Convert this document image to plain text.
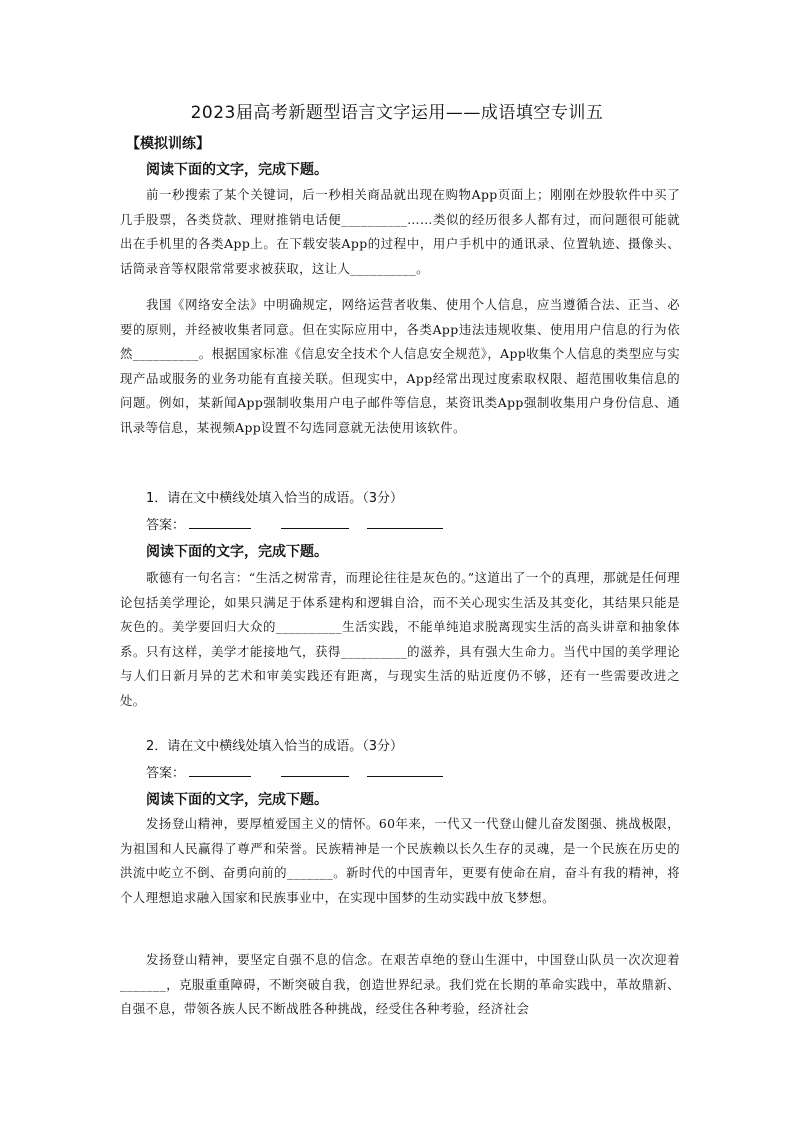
2023届高考新题型语言文字运用——成语填空专训五
【模拟训练】
阅读下面的文字，完成下题。
前一秒搜索了某个关键词，后一秒相关商品就出现在购物App页面上；刚刚在炒股软件中买了几手股票，各类贷款、理财推销电话便__________……类似的经历很多人都有过，而问题很可能就出在手机里的各类App上。在下载安装App的过程中，用户手机中的通讯录、位置轨迹、摄像头、话筒录音等权限常常要求被获取，这让人__________。
我国《网络安全法》中明确规定，网络运营者收集、使用个人信息，应当遵循合法、正当、必要的原则，并经被收集者同意。但在实际应用中，各类App违法违规收集、使用用户信息的行为依然__________。根据国家标准《信息安全技术个人信息安全规范》，App收集个人信息的类型应与实现产品或服务的业务功能有直接关联。但现实中，App经常出现过度索取权限、超范围收集信息的问题。例如，某新闻App强制收集用户电子邮件等信息，某资讯类App强制收集用户身份信息、通讯录等信息，某视频App设置不勾选同意就无法使用该软件。
1．请在文中横线处填入恰当的成语。（3分）
答案：
阅读下面的文字，完成下题。
歌德有一句名言：“生活之树常青，而理论往往是灰色的。”这道出了一个的真理，那就是任何理论包括美学理论，如果只满足于体系建构和逻辑自洽，而不关心现实生活及其变化，其结果只能是灰色的。美学要回归大众的__________生活实践，不能单纯追求脱离现实生活的高头讲章和抽象体系。只有这样，美学才能接地气，获得__________的滋养，具有强大生命力。当代中国的美学理论与人们日新月异的艺术和审美实践还有距离，与现实生活的贴近度仍不够，还有一些需要改进之处。
2．请在文中横线处填入恰当的成语。（3分）
答案：
阅读下面的文字，完成下题。
发扬登山精神，要厚植爱国主义的情怀。60年来，一代又一代登山健儿奋发图强、挑战极限，为祖国和人民赢得了尊严和荣誉。民族精神是一个民族赖以长久生存的灵魂，是一个民族在历史的洪流中屹立不倒、奋勇向前的_______。新时代的中国青年，更要有使命在肩，奋斗有我的精神，将个人理想追求融入国家和民族事业中，在实现中国梦的生动实践中放飞梦想。
发扬登山精神，要坚定自强不息的信念。在艰苦卓绝的登山生涯中，中国登山队员一次次迎着_______，克服重重障碍，不断突破自我，创造世界纪录。我们党在长期的革命实践中，革故鼎新、自强不息，带领各族人民不断战胜各种挑战，经受住各种考验，经济社会
